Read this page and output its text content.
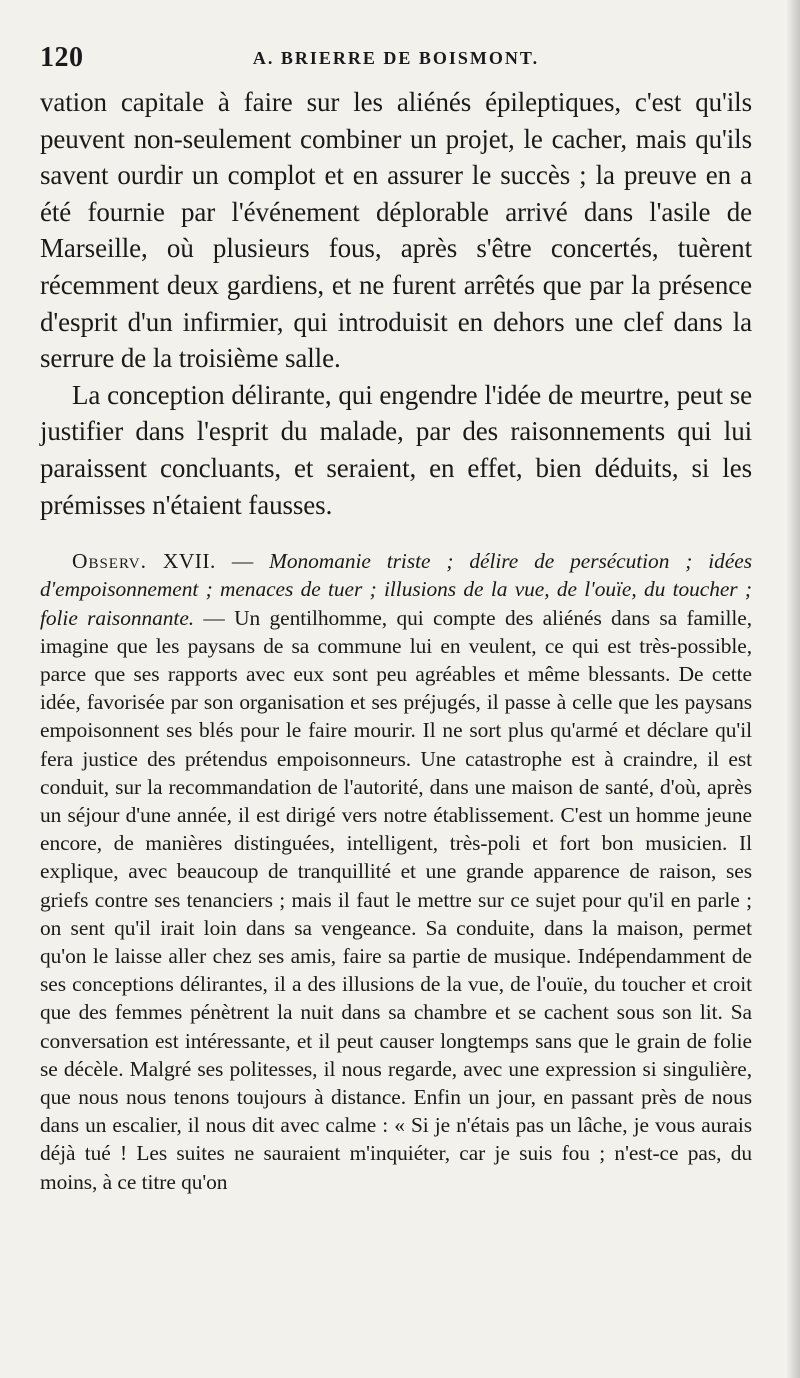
120	A. BRIERRE DE BOISMONT.

vation capitale à faire sur les aliénés épileptiques, c'est qu'ils peuvent non-seulement combiner un projet, le cacher, mais qu'ils savent ourdir un complot et en assurer le succès ; la preuve en a été fournie par l'événement déplorable arrivé dans l'asile de Marseille, où plusieurs fous, après s'être concertés, tuèrent récemment deux gardiens, et ne furent arrêtés que par la présence d'esprit d'un infirmier, qui introduisit en dehors une clef dans la serrure de la troisième salle.

La conception délirante, qui engendre l'idée de meurtre, peut se justifier dans l'esprit du malade, par des raisonnements qui lui paraissent concluants, et seraient, en effet, bien déduits, si les prémisses n'étaient fausses.

Observ. XVII. — Monomanie triste ; délire de persécution ; idées d'empoisonnement ; menaces de tuer ; illusions de la vue, de l'ouïe, du toucher ; folie raisonnante. — Un gentilhomme, qui compte des aliénés dans sa famille, imagine que les paysans de sa commune lui en veulent, ce qui est très-possible, parce que ses rapports avec eux sont peu agréables et même blessants. De cette idée, favorisée par son organisation et ses préjugés, il passe à celle que les paysans empoisonnent ses blés pour le faire mourir. Il ne sort plus qu'armé et déclare qu'il fera justice des prétendus empoisonneurs. Une catastrophe est à craindre, il est conduit, sur la recommandation de l'autorité, dans une maison de santé, d'où, après un séjour d'une année, il est dirigé vers notre établissement. C'est un homme jeune encore, de manières distinguées, intelligent, très-poli et fort bon musicien. Il explique, avec beaucoup de tranquillité et une grande apparence de raison, ses griefs contre ses tenanciers ; mais il faut le mettre sur ce sujet pour qu'il en parle ; on sent qu'il irait loin dans sa vengeance. Sa conduite, dans la maison, permet qu'on le laisse aller chez ses amis, faire sa partie de musique. Indépendamment de ses conceptions délirantes, il a des illusions de la vue, de l'ouïe, du toucher et croit que des femmes pénètrent la nuit dans sa chambre et se cachent sous son lit. Sa conversation est intéressante, et il peut causer longtemps sans que le grain de folie se décèle. Malgré ses politesses, il nous regarde, avec une expression si singulière, que nous nous tenons toujours à distance. Enfin un jour, en passant près de nous dans un escalier, il nous dit avec calme : « Si je n'étais pas un lâche, je vous aurais déjà tué ! Les suites ne sauraient m'inquiéter, car je suis fou ; n'est-ce pas, du moins, à ce titre qu'on
